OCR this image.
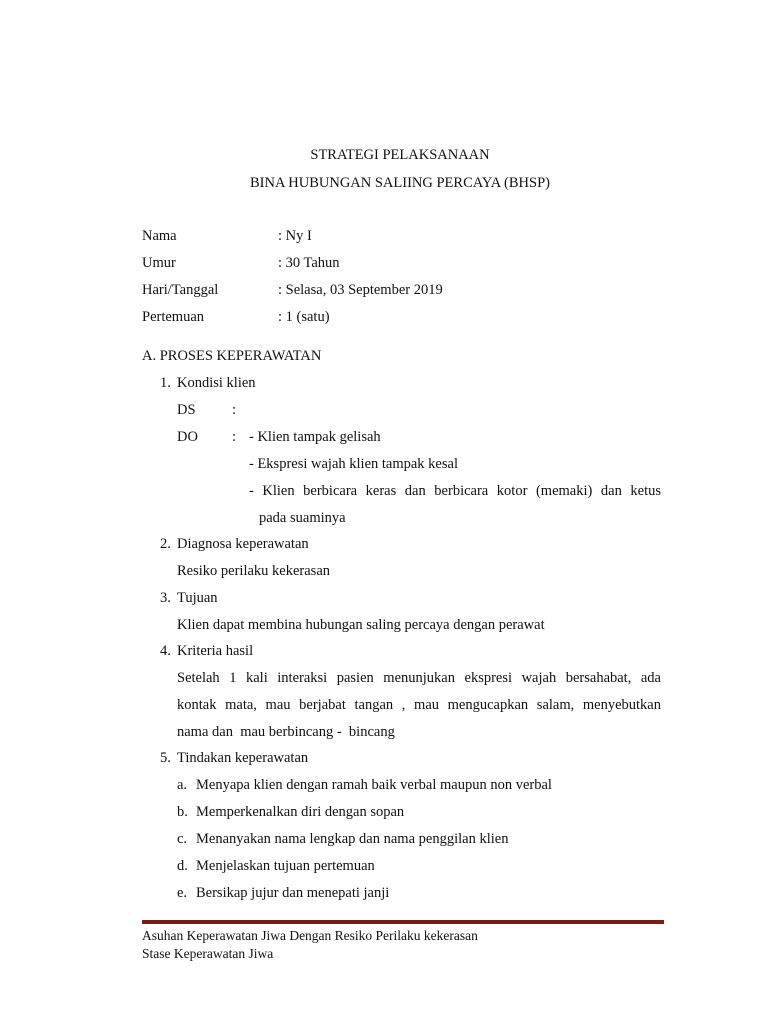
STRATEGI PELAKSANAAN
BINA HUBUNGAN SALIING PERCAYA (BHSP)
Nama	: Ny I
Umur	: 30 Tahun
Hari/Tanggal	: Selasa, 03 September 2019
Pertemuan	: 1 (satu)
A. PROSES KEPERAWATAN
1. Kondisi klien
DS	:
DO : - Klien tampak gelisah
- Ekspresi wajah klien tampak kesal
- Klien berbicara keras dan berbicara kotor (memaki) dan ketus
pada suaminya
2. Diagnosa keperawatan
Resiko perilaku kekerasan
3. Tujuan
Klien dapat membina hubungan saling percaya dengan perawat
4. Kriteria hasil
Setelah 1 kali interaksi pasien menunjukan ekspresi wajah bersahabat, ada
kontak mata, mau berjabat tangan , mau mengucapkan salam, menyebutkan
nama dan  mau berbincang -  bincang
5. Tindakan keperawatan
a. Menyapa klien dengan ramah baik verbal maupun non verbal
b. Memperkenalkan diri dengan sopan
c. Menanyakan nama lengkap dan nama penggilan klien
d. Menjelaskan tujuan pertemuan
e. Bersikap jujur dan menepati janji
Asuhan Keperawatan Jiwa Dengan Resiko Perilaku kekerasan
Stase Keperawatan Jiwa
